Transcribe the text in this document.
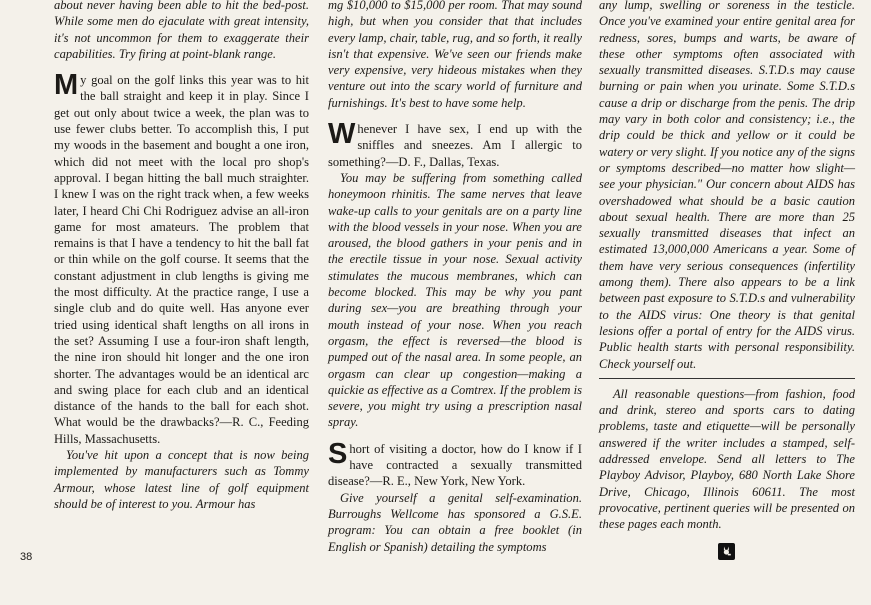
about never having been able to hit the bed-post. While some men do ejaculate with great intensity, it's not uncommon for them to exaggerate their capabilities. Try firing at point-blank range.

My goal on the golf links this year was to hit the ball straight and keep it in play. Since I get out only about twice a week, the plan was to use fewer clubs better. To accomplish this, I put my woods in the basement and bought a one iron, which did not meet with the local pro shop's approval. I began hitting the ball much straighter. I knew I was on the right track when, a few weeks later, I heard Chi Chi Rodriguez advise an all-iron game for most amateurs. The problem that remains is that I have a tendency to hit the ball fat or thin while on the golf course. It seems that the constant adjustment in club lengths is giving me the most difficulty. At the practice range, I use a single club and do quite well. Has anyone ever tried using identical shaft lengths on all irons in the set? Assuming I use a four-iron shaft length, the nine iron should hit longer and the one iron shorter. The advantages would be an identical arc and swing place for each club and an identical distance of the hands to the ball for each shot. What would be the drawbacks?—R. C., Feeding Hills, Massachusetts.

You've hit upon a concept that is now being implemented by manufacturers such as Tommy Armour, whose latest line of golf equipment should be of interest to you. Armour has

mg $10,000 to $15,000 per room. That may sound high, but when you consider that that includes every lamp, chair, table, rug, and so forth, it really isn't that expensive. We've seen our friends make very expensive, very hideous mistakes when they venture out into the scary world of furniture and furnishings. It's best to have some help.

Whenever I have sex, I end up with the sniffles and sneezes. Am I allergic to something?—D. F., Dallas, Texas.

You may be suffering from something called honeymoon rhinitis. The same nerves that leave wake-up calls to your genitals are on a party line with the blood vessels in your nose. When you are aroused, the blood gathers in your penis and in the erectile tissue in your nose. Sexual activity stimulates the mucous membranes, which can become blocked. This may be why you pant during sex—you are breathing through your mouth instead of your nose. When you reach orgasm, the effect is reversed—the blood is pumped out of the nasal area. In some people, an orgasm can clear up congestion—making a quickie as effective as a Comtrex. If the problem is severe, you might try using a prescription nasal spray.

Short of visiting a doctor, how do I know if I have contracted a sexually transmitted disease?—R. E., New York, New York.

Give yourself a genital self-examination. Burroughs Wellcome has sponsored a G.S.E. program: You can obtain a free booklet (in English or Spanish) detailing the symptoms

any lump, swelling or soreness in the testicle. Once you've examined your entire genital area for redness, sores, bumps and warts, be aware of these other symptoms often associated with sexually transmitted diseases. S.T.D.s may cause burning or pain when you urinate. Some S.T.D.s cause a drip or discharge from the penis. The drip may vary in both color and consistency; i.e., the drip could be thick and yellow or it could be watery or very slight. If you notice any of the signs or symptoms described—no matter how slight—see your physician." Our concern about AIDS has overshadowed what should be a basic caution about sexual health. There are more than 25 sexually transmitted diseases that infect an estimated 13,000,000 Americans a year. Some of them have very serious consequences (infertility among them). There also appears to be a link between past exposure to S.T.D.s and vulnerability to the AIDS virus: One theory is that genital lesions offer a portal of entry for the AIDS virus. Public health starts with personal responsibility. Check yourself out.

All reasonable questions—from fashion, food and drink, stereo and sports cars to dating problems, taste and etiquette—will be personally answered if the writer includes a stamped, self-addressed envelope. Send all letters to The Playboy Advisor, Playboy, 680 North Lake Shore Drive, Chicago, Illinois 60611. The most provocative, pertinent queries will be presented on these pages each month.

38
